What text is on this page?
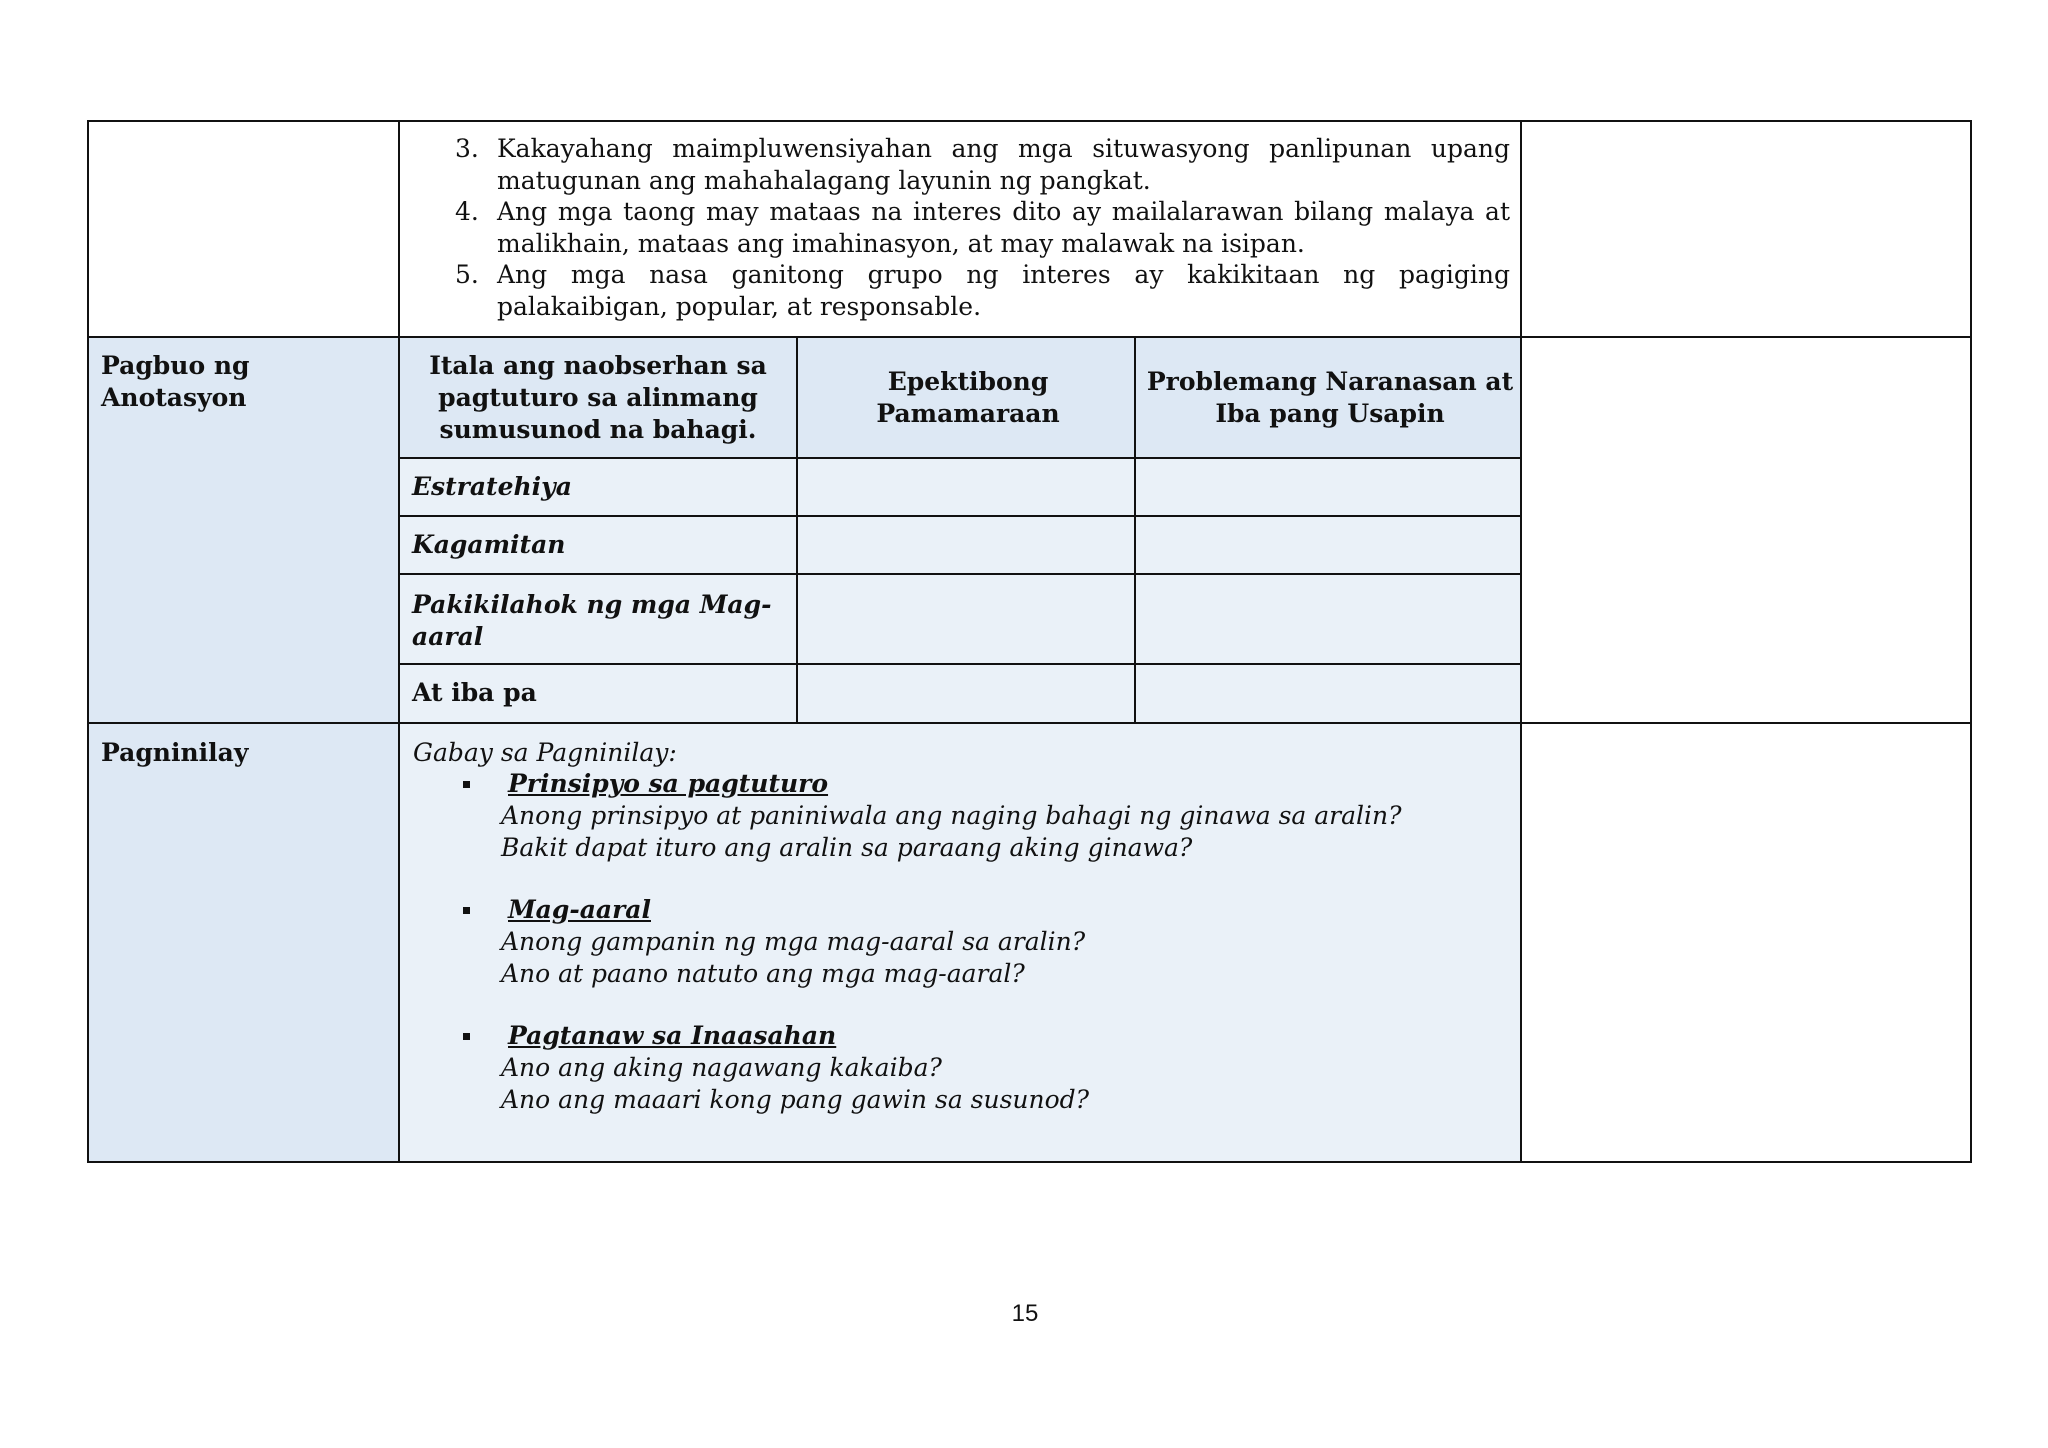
3. Kakayahang maimpluwensiyahan ang mga situwasyong panlipunan upang matugunan ang mahahalagang layunin ng pangkat.
4. Ang mga taong may mataas na interes dito ay mailalarawan bilang malaya at malikhain, mataas ang imahinasyon, at may malawak na isipan.
5. Ang mga nasa ganitong grupo ng interes ay kakikitaan ng pagiging palakaibigan, popular, at responsable.
Pagbuo ng
Anotasyon
Itala ang naobserhan sa pagtuturo sa alinmang sumusunod na bahagi.
Epektibong Pamamaraan
Problemang Naranasan at Iba pang Usapin
Estratehiya
Kagamitan
Pakikilahok ng mga Mag-aaral
At iba pa
Pagninilay	Gabay sa Pagninilay:
Prinsipyo sa pagtuturo
Anong prinsipyo at paniniwala ang naging bahagi ng ginawa sa aralin?
Bakit dapat ituro ang aralin sa paraang aking ginawa?
Mag-aaral
Anong gampanin ng mga mag-aaral sa aralin?
Ano at paano natuto ang mga mag-aaral?
Pagtanaw sa Inaasahan
Ano ang aking nagawang kakaiba?
Ano ang maaari kong pang gawin sa susunod?
15
